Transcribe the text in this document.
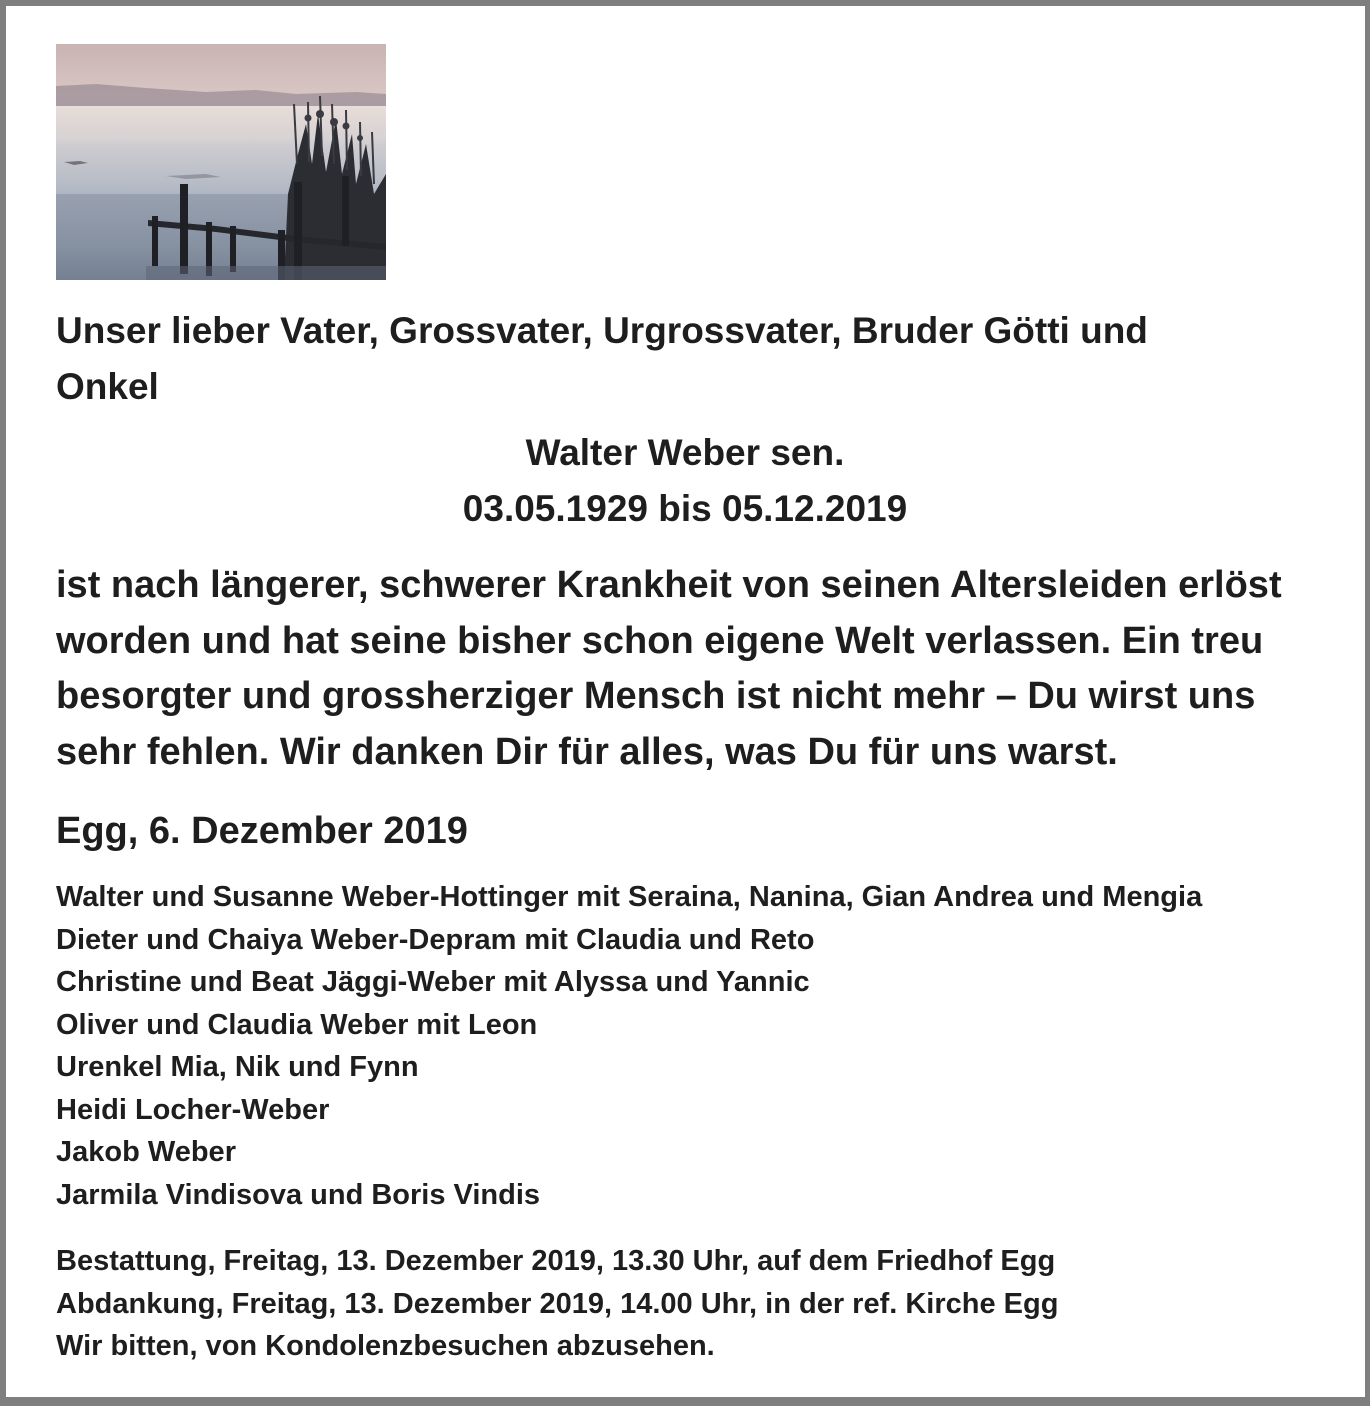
Unser lieber Vater, Grossvater, Urgrossvater, Bruder Götti und
Onkel

Walter Weber sen.

03.05.1929 bis 05.12.2019

ist nach längerer, schwerer Krankheit von seinen Altersleiden erlöst
worden und hat seine bisher schon eigene Welt verlassen. Ein treu
besorgter und grossherziger Mensch ist nicht mehr – Du wirst uns
sehr fehlen. Wir danken Dir für alles, was Du für uns warst.

Egg, 6. Dezember 2019

Walter und Susanne Weber-Hottinger mit Seraina, Nanina, Gian Andrea und Mengia
Dieter und Chaiya Weber-Depram mit Claudia und Reto
Christine und Beat Jäggi-Weber mit Alyssa und Yannic
Oliver und Claudia Weber mit Leon
Urenkel Mia, Nik und Fynn
Heidi Locher-Weber
Jakob Weber
Jarmila Vindisova und Boris Vindis

Bestattung, Freitag, 13. Dezember 2019, 13.30 Uhr, auf dem Friedhof Egg
Abdankung, Freitag, 13. Dezember 2019, 14.00 Uhr, in der ref. Kirche Egg
Wir bitten, von Kondolenzbesuchen abzusehen.
